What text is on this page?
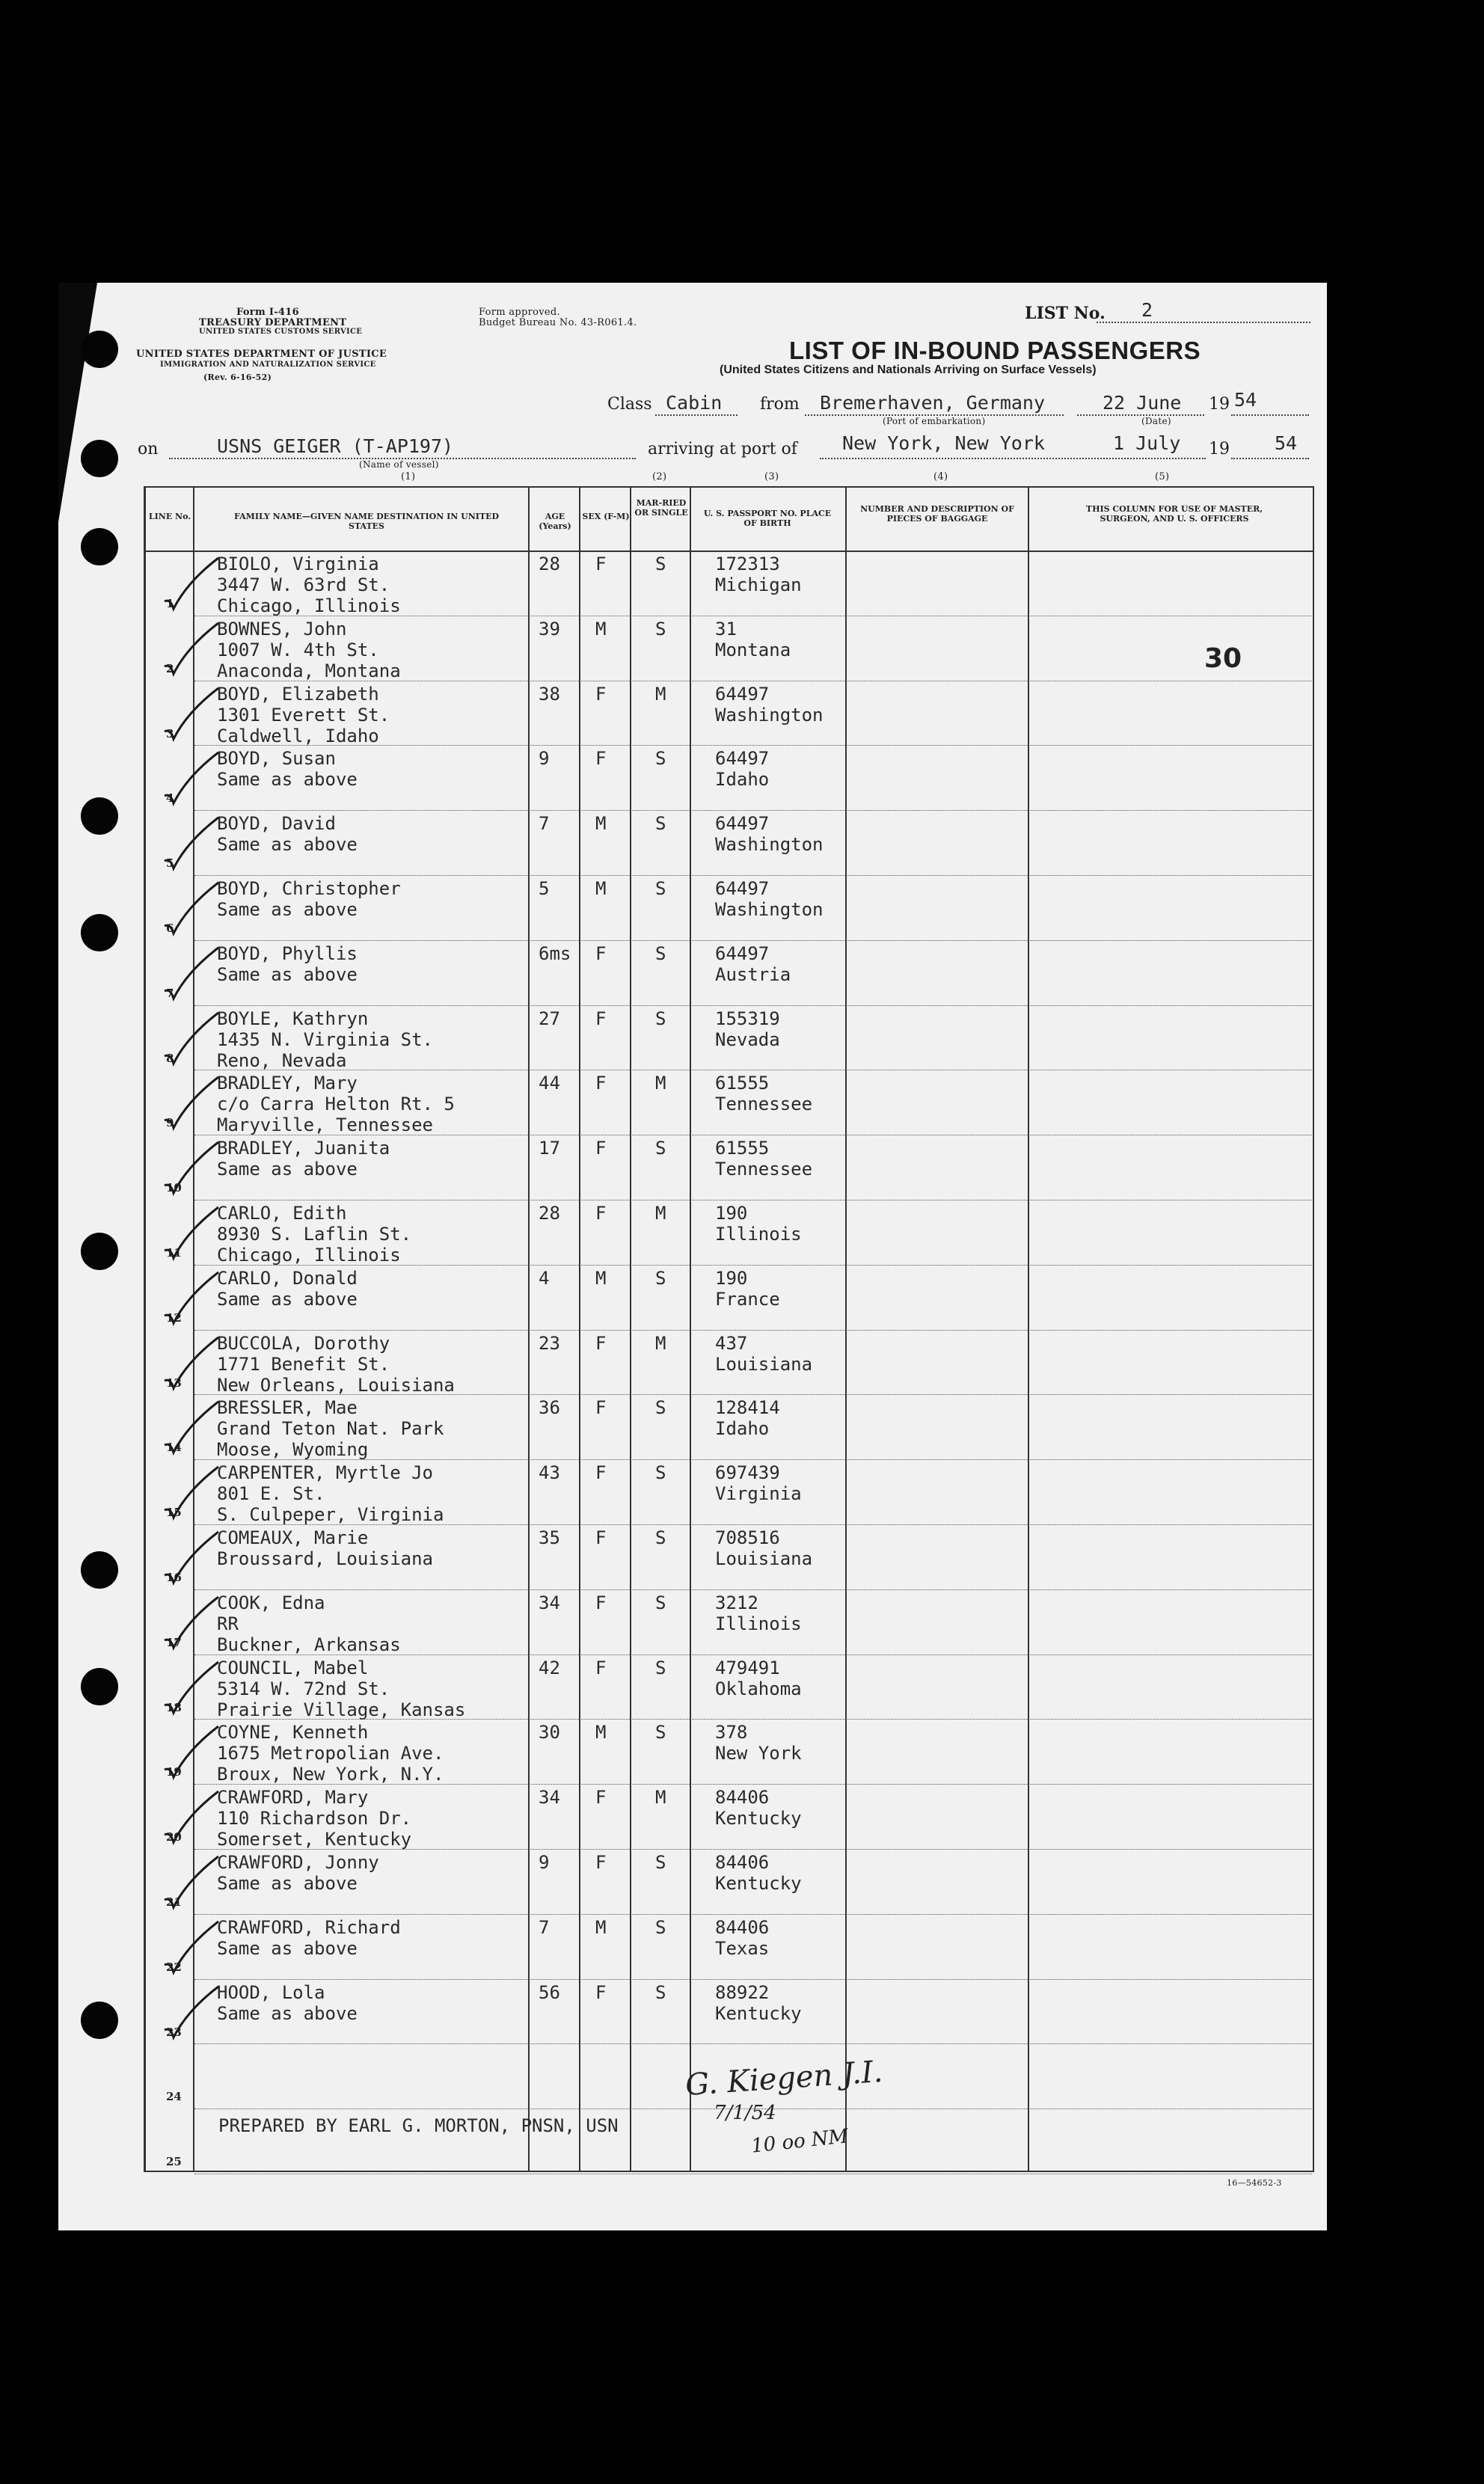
Form I-416
TREASURY DEPARTMENT
UNITED STATES CUSTOMS SERVICE
UNITED STATES DEPARTMENT OF JUSTICE
IMMIGRATION AND NATURALIZATION SERVICE
(Rev. 6-16-52)
Form approved.
Budget Bureau No. 43-R061.4.	LIST No. 2
LIST OF IN-BOUND PASSENGERS
(United States Citizens and Nationals Arriving on Surface Vessels)
Class Cabin from Bremerhaven, Germany
(Port of embarkation)
22 June
(Date)
19 54
on	USNS GEIGER (T-AP197)
(Name of vessel)
arriving at port of New York, New York	1 July 19 54
(1)	(2)	(3)	(4)	(5)
LINE No.	FAMILY NAME—GIVEN NAME DESTINATION IN UNITED STATES
AGE (Years)
SEX (F-M)
MAR-RIED OR SINGLE	U. S. PASSPORT NO. PLACE OF BIRTH
NUMBER AND DESCRIPTION OF PIECES OF BAGGAGE
THIS COLUMN FOR USE OF MASTER, SURGEON, AND U. S. OFFICERS
1
BIOLO, Virginia
3447 W. 63rd St.
Chicago, Illinois
28 F	S	172313
Michigan
2
BOWNES, John
1007 W. 4th St.
Anaconda, Montana
39 M	S	31
Montana
3
BOYD, Elizabeth
1301 Everett St.
Caldwell, Idaho
38 F	M	64497
Washington
4
BOYD, Susan
Same as above
9	F	S	64497
Idaho
5
BOYD, David
Same as above
7	M	S	64497
Washington
6
BOYD, Christopher
Same as above
5	M	S	64497
Washington
7
BOYD, Phyllis
Same as above
6ms F	S	64497
Austria
8
BOYLE, Kathryn
1435 N. Virginia St.
Reno, Nevada
27 F	S	155319
Nevada
9
BRADLEY, Mary
c/o Carra Helton Rt. 5
Maryville, Tennessee
44 F	M	61555
Tennessee
10
BRADLEY, Juanita
Same as above
17 F	S	61555
Tennessee
11
CARLO, Edith
8930 S. Laflin St.
Chicago, Illinois
28 F	M	190
Illinois
12
CARLO, Donald
Same as above
4	M	S	190
France
13
BUCCOLA, Dorothy
1771 Benefit St.
New Orleans, Louisiana
23 F	M	437
Louisiana
14
BRESSLER, Mae
Grand Teton Nat. Park
Moose, Wyoming
36 F	S	128414
Idaho
15
CARPENTER, Myrtle Jo
801 E. St.
S. Culpeper, Virginia
43 F	S	697439
Virginia
16
COMEAUX, Marie
Broussard, Louisiana
35 F	S	708516
Louisiana
17
COOK, Edna
RR
Buckner, Arkansas
34 F	S	3212
Illinois
18
COUNCIL, Mabel
5314 W. 72nd St.
Prairie Village, Kansas
42 F	S	479491
Oklahoma
19
COYNE, Kenneth
1675 Metropolian Ave.
Broux, New York, N.Y.
30 M	S	378
New York
20
CRAWFORD, Mary
110 Richardson Dr.
Somerset, Kentucky
34 F	M	84406
Kentucky
21
CRAWFORD, Jonny
Same as above
9	F	S	84406
Kentucky
22
CRAWFORD, Richard
Same as above
7	M	S	84406
Texas
23
HOOD, Lola
Same as above
56 F	S	88922
Kentucky
24
25
30
PREPARED BY EARL G. MORTON, PNSN, USN
G. Kiegen J.I.
7/1/54
10 oo NM
16—54652-3
